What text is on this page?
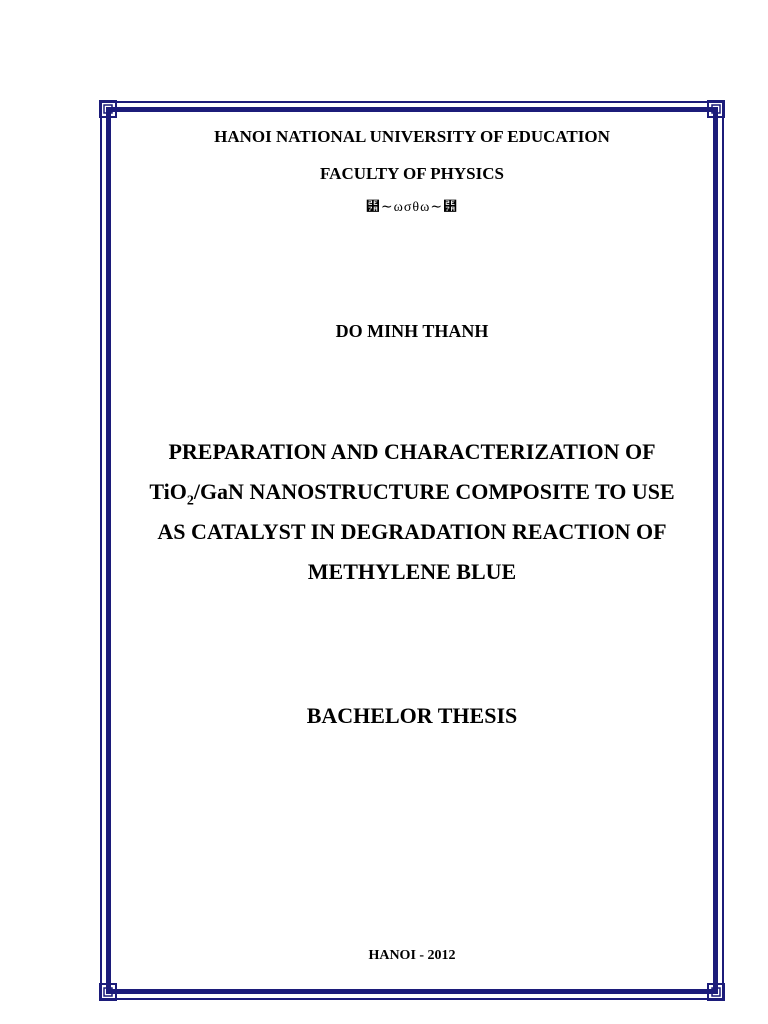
HANOI NATIONAL UNIVERSITY OF EDUCATION
FACULTY OF PHYSICS
⹺∼ωσθω∼⹺
DO MINH THANH
PREPARATION AND CHARACTERIZATION OF
TiO$_2$/GaN NANOSTRUCTURE COMPOSITE TO USE
AS CATALYST IN DEGRADATION REACTION OF
METHYLENE BLUE
BACHELOR THESIS
HANOI - 2012
